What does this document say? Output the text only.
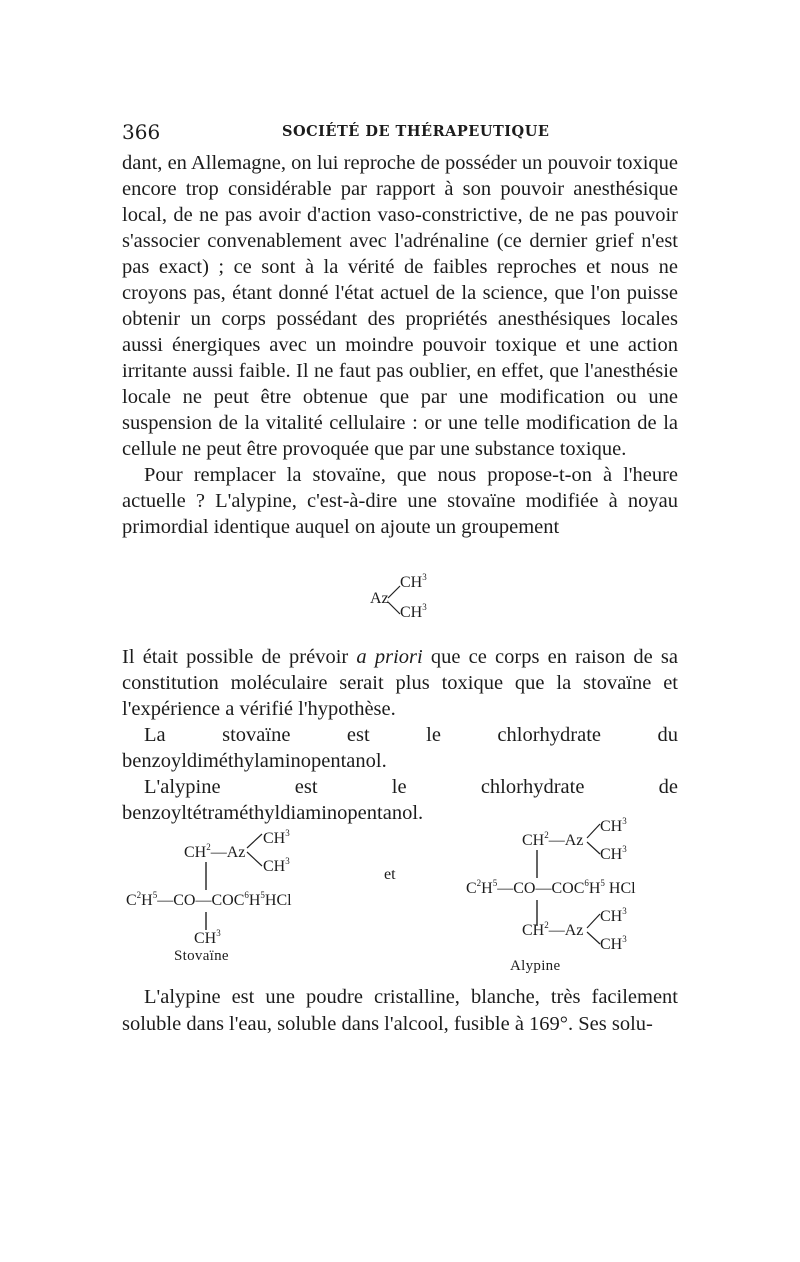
366	SOCIÉTÉ DE THÉRAPEUTIQUE

dant, en Allemagne, on lui reproche de posséder un pouvoir toxique encore trop considérable par rapport à son pouvoir anesthésique local, de ne pas avoir d'action vaso-constrictive, de ne pas pouvoir s'associer convenablement avec l'adrénaline (ce dernier grief n'est pas exact) ; ce sont à la vérité de faibles reproches et nous ne croyons pas, étant donné l'état actuel de la science, que l'on puisse obtenir un corps possédant des propriétés anesthésiques locales aussi énergiques avec un moindre pouvoir toxique et une action irritante aussi faible. Il ne faut pas oublier, en effet, que l'anesthésie locale ne peut être obtenue que par une modification ou une suspension de la vitalité cellulaire : or une telle modification de la cellule ne peut être provoquée que par une substance toxique.

Pour remplacer la stovaïne, que nous propose-t-on à l'heure actuelle ? L'alypine, c'est-à-dire une stovaïne modifiée à noyau primordial identique auquel on ajoute un groupement

Az
$CH^3$
$CH^3$

Il était possible de prévoir a priori que ce corps en raison de sa constitution moléculaire serait plus toxique que la stovaïne et l'expérience a vérifié l'hypothèse.

La stovaïne est le chlorhydrate du benzoyldiméthylaminopentanol.

L'alypine est le chlorhydrate de benzoyltétraméthyldiaminopentanol.

$CH^3$
$CH^2—Az$
$CH^3$
$C^2H^5—CO—COC^6H^5HCl$
$CH^3$
Stovaïne
et
$CH^3$
$CH^2—Az$
$CH^3$
$C^2H^5—CO—COC^6H^5$ HCl
$CH^3$
$CH^2—Az$
$CH^3$
Alypine

L'alypine est une poudre cristalline, blanche, très facilement soluble dans l'eau, soluble dans l'alcool, fusible à 169°. Ses solu-
